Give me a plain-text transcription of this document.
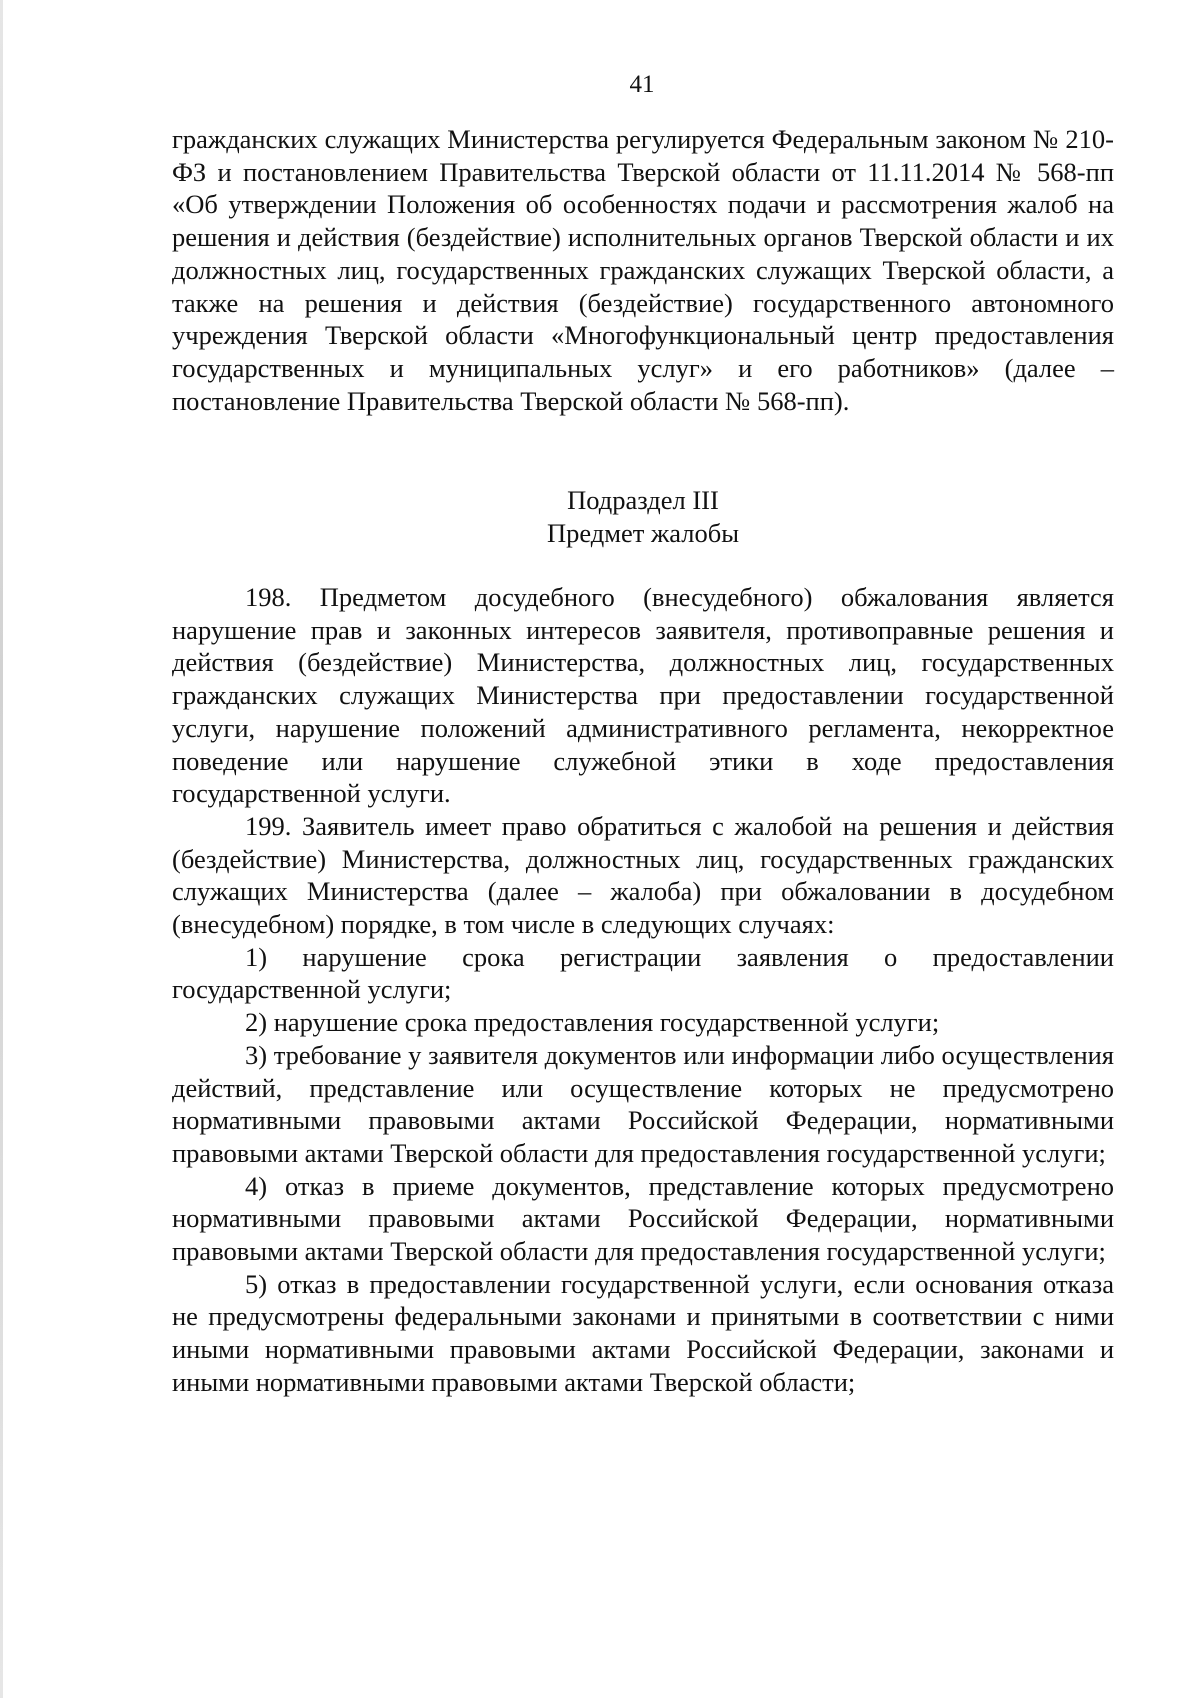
41

гражданских служащих Министерства регулируется Федеральным законом № 210-ФЗ и постановлением Правительства Тверской области от 11.11.2014 № 568-пп «Об утверждении Положения об особенностях подачи и рассмотрения жалоб на решения и действия (бездействие) исполнительных органов Тверской области и их должностных лиц, государственных гражданских служащих Тверской области, а также на решения и действия (бездействие) государственного автономного учреждения Тверской области «Многофункциональный центр предоставления государственных и муниципальных услуг» и его работников» (далее – постановление Правительства Тверской области № 568-пп).

Подраздел III
Предмет жалобы

198. Предметом досудебного (внесудебного) обжалования является нарушение прав и законных интересов заявителя, противоправные решения и действия (бездействие) Министерства, должностных лиц, государственных гражданских служащих Министерства при предоставлении государственной услуги, нарушение положений административного регламента, некорректное поведение или нарушение служебной этики в ходе предоставления государственной услуги.

199. Заявитель имеет право обратиться с жалобой на решения и действия (бездействие) Министерства, должностных лиц, государственных гражданских служащих Министерства (далее – жалоба) при обжаловании в досудебном (внесудебном) порядке, в том числе в следующих случаях:

1) нарушение срока регистрации заявления о предоставлении государственной услуги;

2) нарушение срока предоставления государственной услуги;

3) требование у заявителя документов или информации либо осуществления действий, представление или осуществление которых не предусмотрено нормативными правовыми актами Российской Федерации, нормативными правовыми актами Тверской области для предоставления государственной услуги;

4) отказ в приеме документов, представление которых предусмотрено нормативными правовыми актами Российской Федерации, нормативными правовыми актами Тверской области для предоставления государственной услуги;

5) отказ в предоставлении государственной услуги, если основания отказа не предусмотрены федеральными законами и принятыми в соответствии с ними иными нормативными правовыми актами Российской Федерации, законами и иными нормативными правовыми актами Тверской области;
